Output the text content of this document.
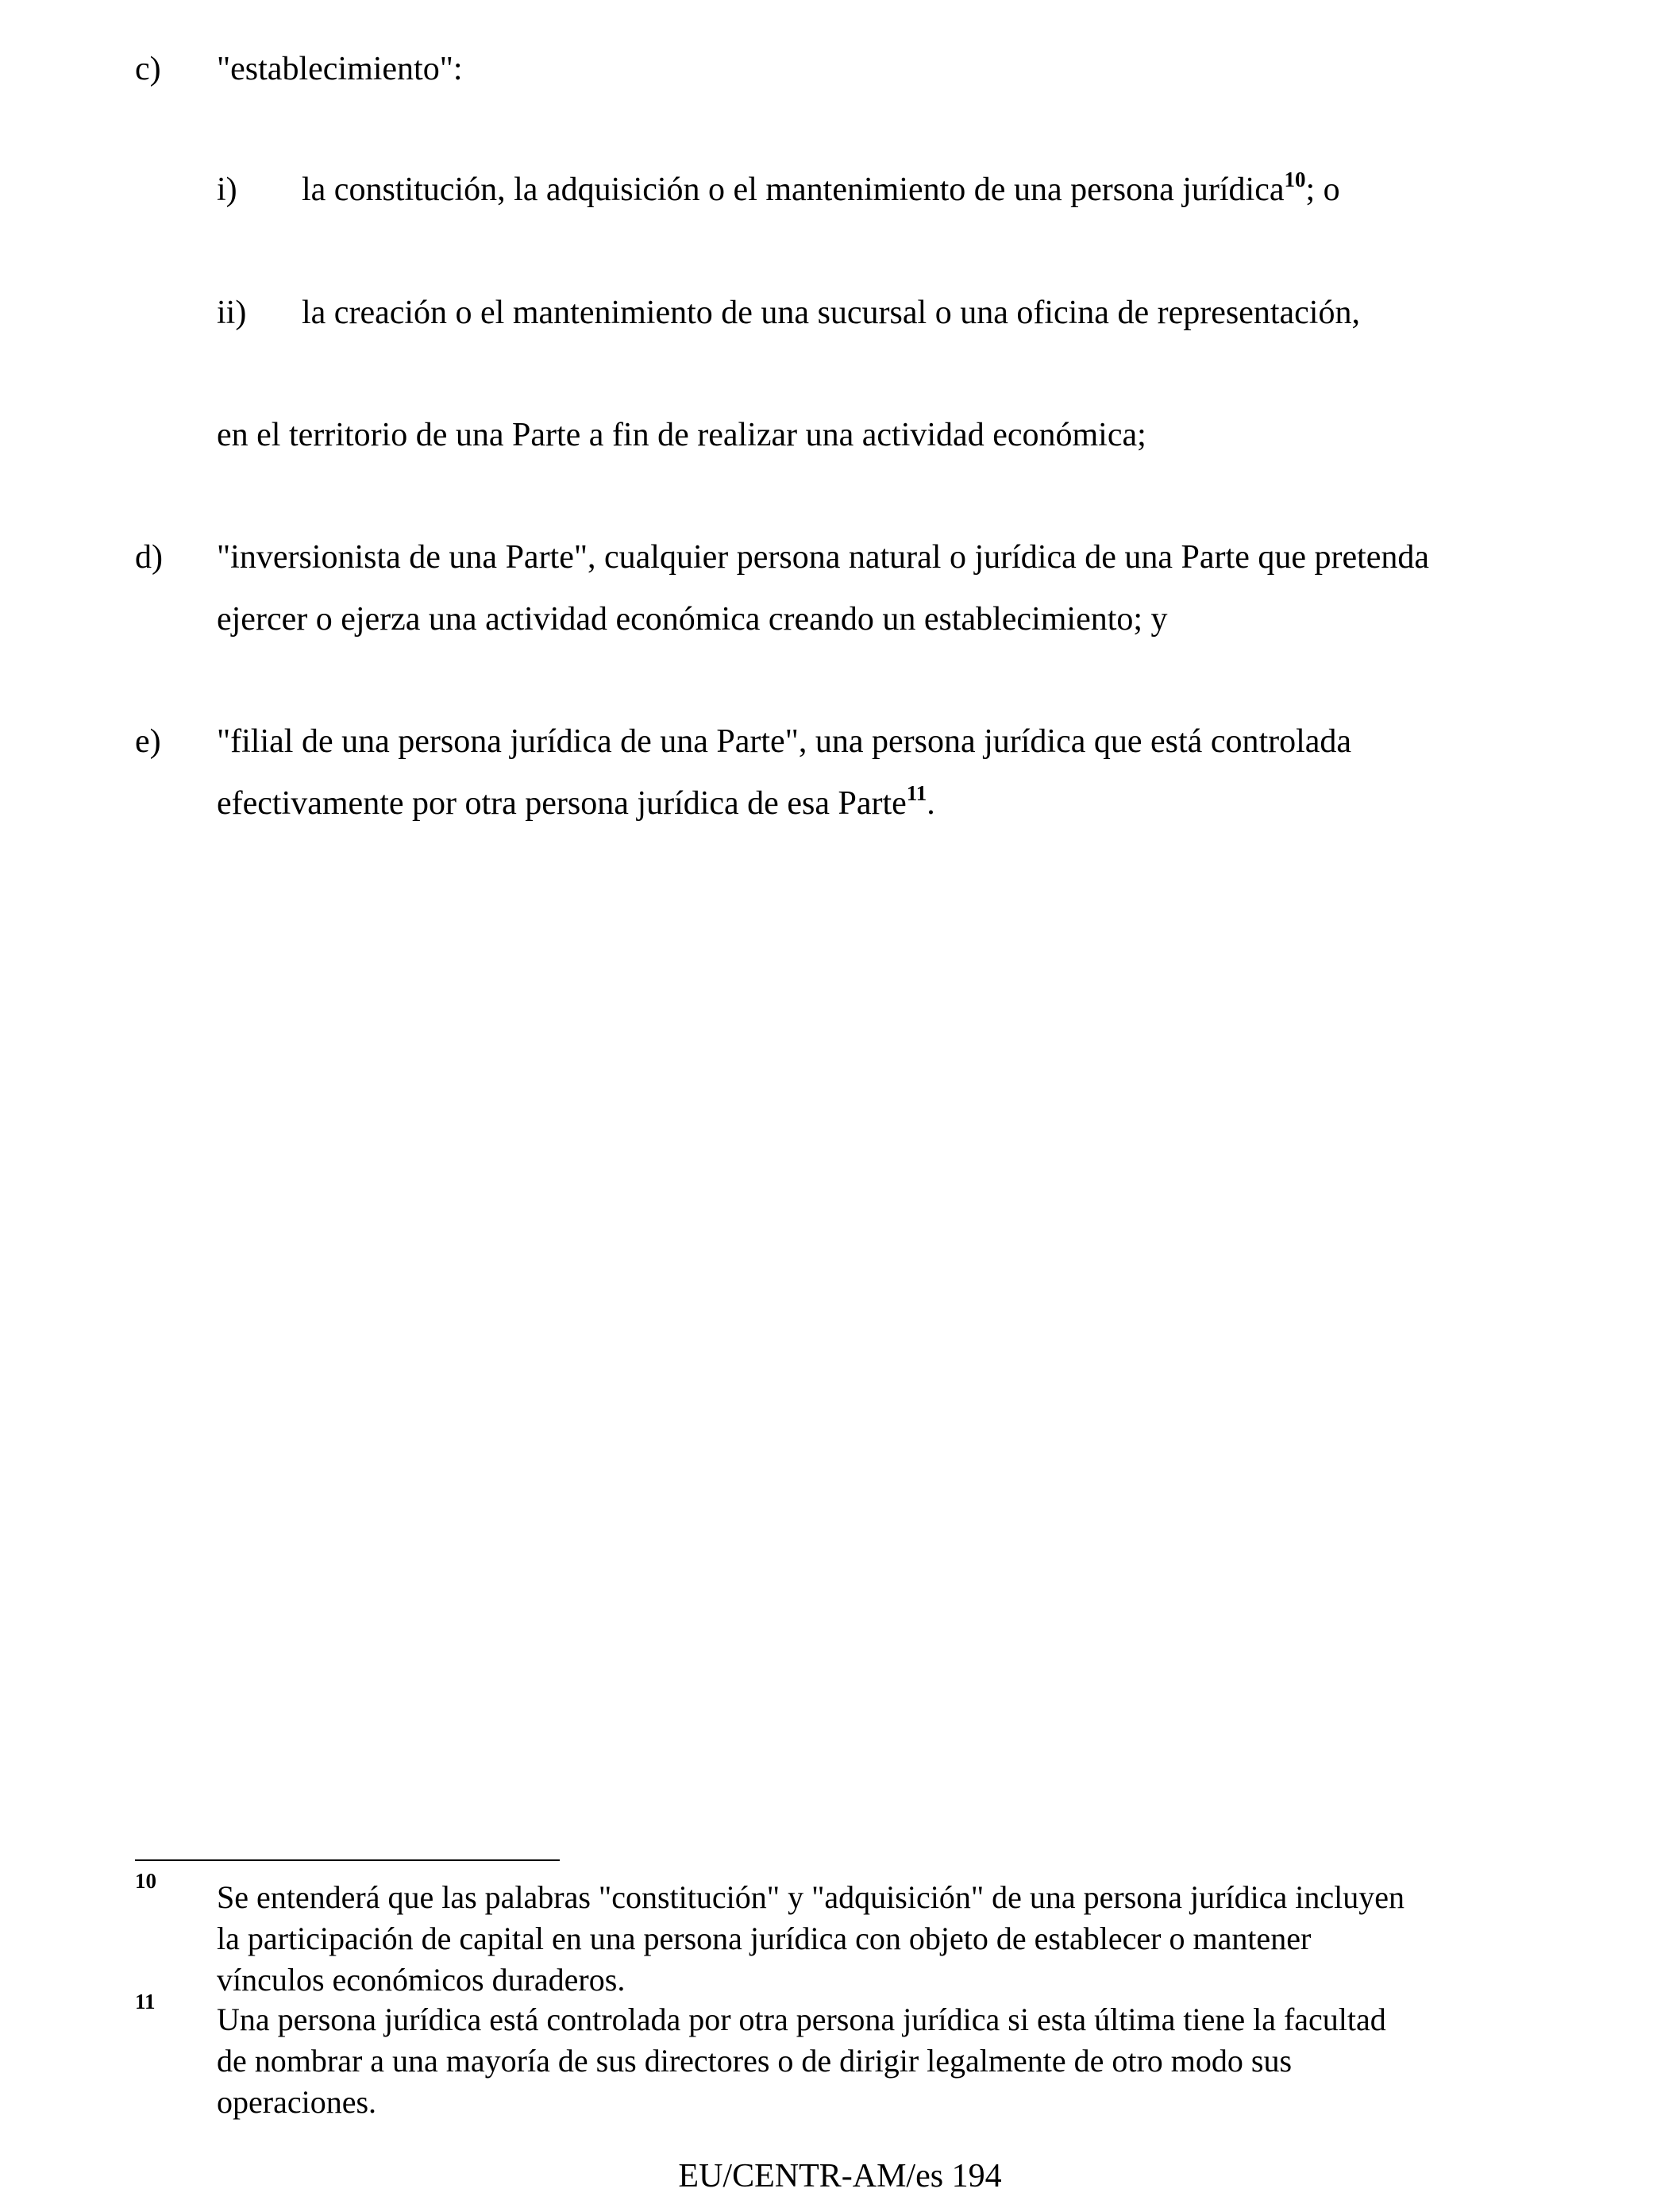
c) "establecimiento":
i) la constitución, la adquisición o el mantenimiento de una persona jurídica$^{10}$; o
ii) la creación o el mantenimiento de una sucursal o una oficina de representación,
en el territorio de una Parte a fin de realizar una actividad económica;
d) "inversionista de una Parte", cualquier persona natural o jurídica de una Parte que pretenda
ejercer o ejerza una actividad económica creando un establecimiento; y
e) "filial de una persona jurídica de una Parte", una persona jurídica que está controlada
efectivamente por otra persona jurídica de esa Parte$^{11}$.
10 Se entenderá que las palabras "constitución" y "adquisición" de una persona jurídica incluyen
la participación de capital en una persona jurídica con objeto de establecer o mantener
vínculos económicos duraderos.
11 Una persona jurídica está controlada por otra persona jurídica si esta última tiene la facultad
de nombrar a una mayoría de sus directores o de dirigir legalmente de otro modo sus
operaciones.
EU/CENTR-AM/es 194
